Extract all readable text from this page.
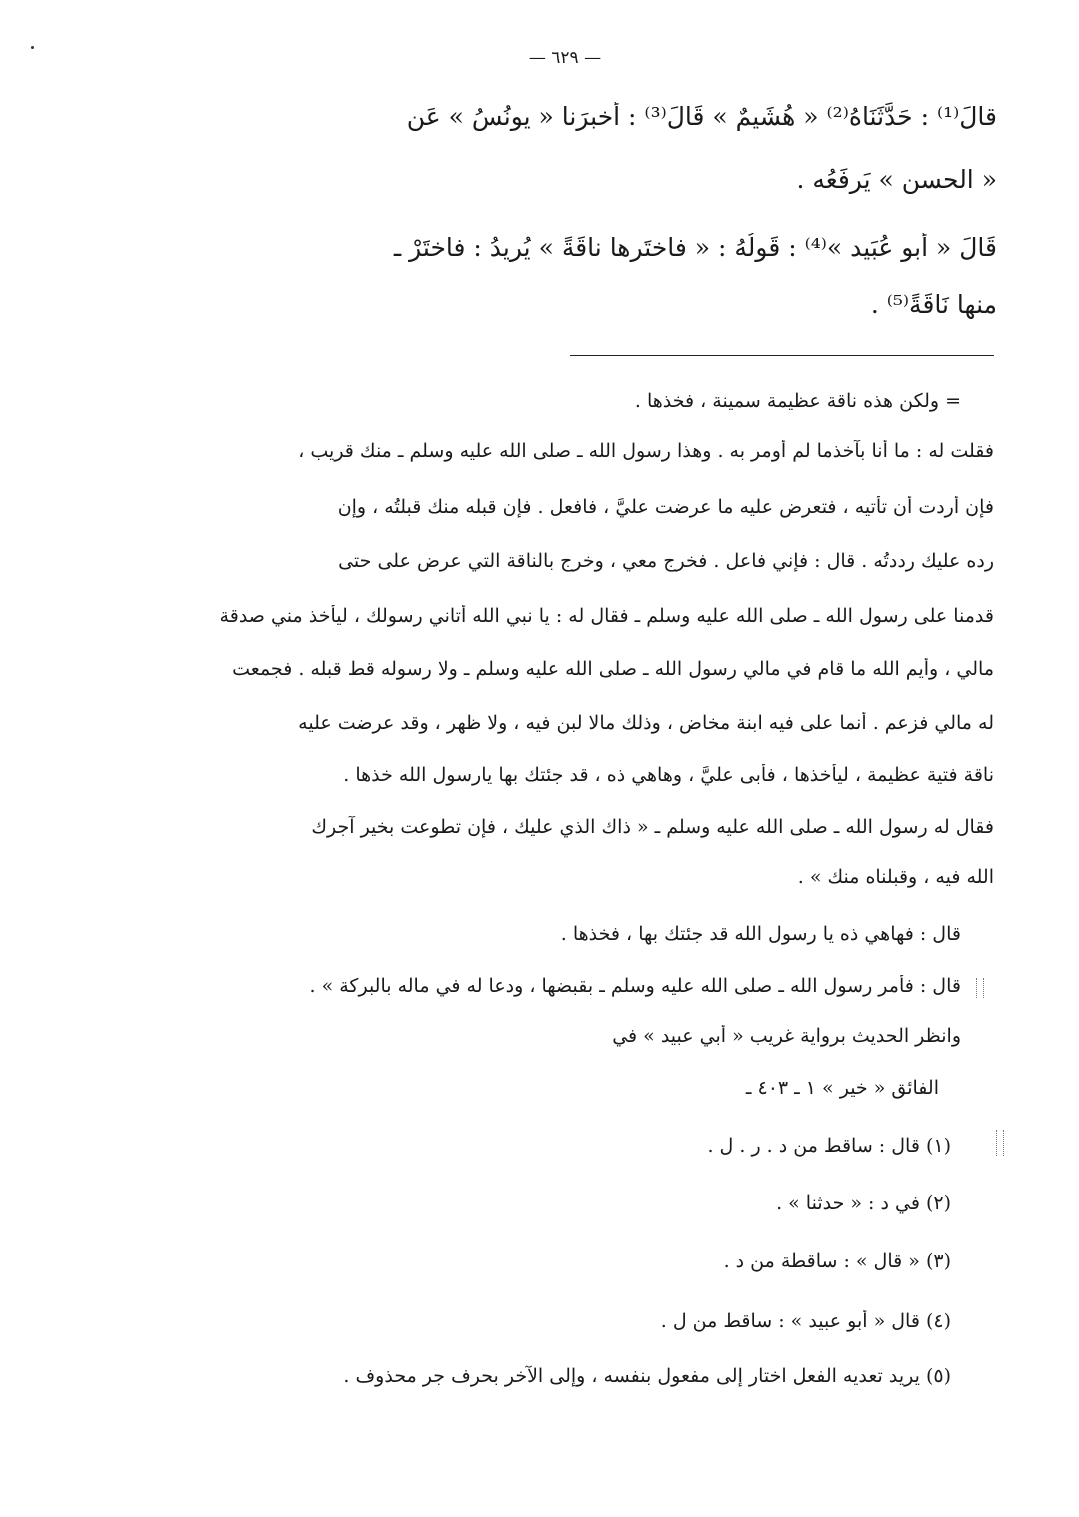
— ٦٢٩ —
قالَ⁽¹⁾ : حَدَّثَنَاهُ⁽²⁾ « هُشَيمٌ » قَالَ⁽³⁾ : أَخبرَنا « يونُسُ » عَن
« الحسنِ » يَرفَعُه .
قَالَ « أَبو عُبَيد »⁽⁴⁾ : قَولُهُ : « فاختَرها ناقَةً » يُرِيدُ : فاختَرْ ـ
منها نَاقَةً⁽⁵⁾ .
= ولكن هذه ناقة عظيمة سمينة ، فخذها .
فقلت له : ما أنا بآخذما لم أومر به . وهذا رسول الله ـ صلى الله عليه وسلم ـ منك قريب ،
فإن أردت أن تأتيه ، فتعرض عليه ما عرضت عليَّ ، فافعل . فإن قبله منك قبلتُه ، وإن
رده عليك رددتُه . قال : فإني فاعل . فخرج معي ، وخرج بالناقة التي عرض على حتى
قدمنا على رسول الله ـ صلى الله عليه وسلم ـ فقال له : يا نبي الله أتاني رسولك ، ليأخذ مني صدقة
مالي ، وأيم الله ما قام في مالي رسول الله ـ صلى الله عليه وسلم ـ ولا رسوله قط قبله . فجمعت
له مالي فزعم . أنما على فيه ابنة مخاض ، وذلك مالا لبن فيه ، ولا ظهر ، وقد عرضت عليه
ناقة فتية عظيمة ، ليأخذها ، فأبى عليَّ ، وهاهي ذه ، قد جئتك بها يارسول الله خذها .
فقال له رسول الله ـ صلى الله عليه وسلم ـ « ذاك الذي عليك ، فإن تطوعت بخير آجرك
الله فيه ، وقبلناه منك » .
قال : فهاهي ذه يا رسول الله قد جئتك بها ، فخذها .
قال : فأمر رسول الله ـ صلى الله عليه وسلم ـ بقبضها ، ودعا له في ماله بالبركة » .
وانظر الحديث برواية غريب « أبي عبيد » في
الفائق « خير » ١ ـ ٤٠٣ ـ
(١) قال : ساقط من د . ر . ل .
(٢) في د : « حدثنا » .
(٣) « قال » : ساقطة من د .
(٤) قال « أبو عبيد » : ساقط من ل .
(٥) يريد تعديه الفعل اختار إلى مفعول بنفسه ، وإلى الآخر بحرف جر محذوف .
